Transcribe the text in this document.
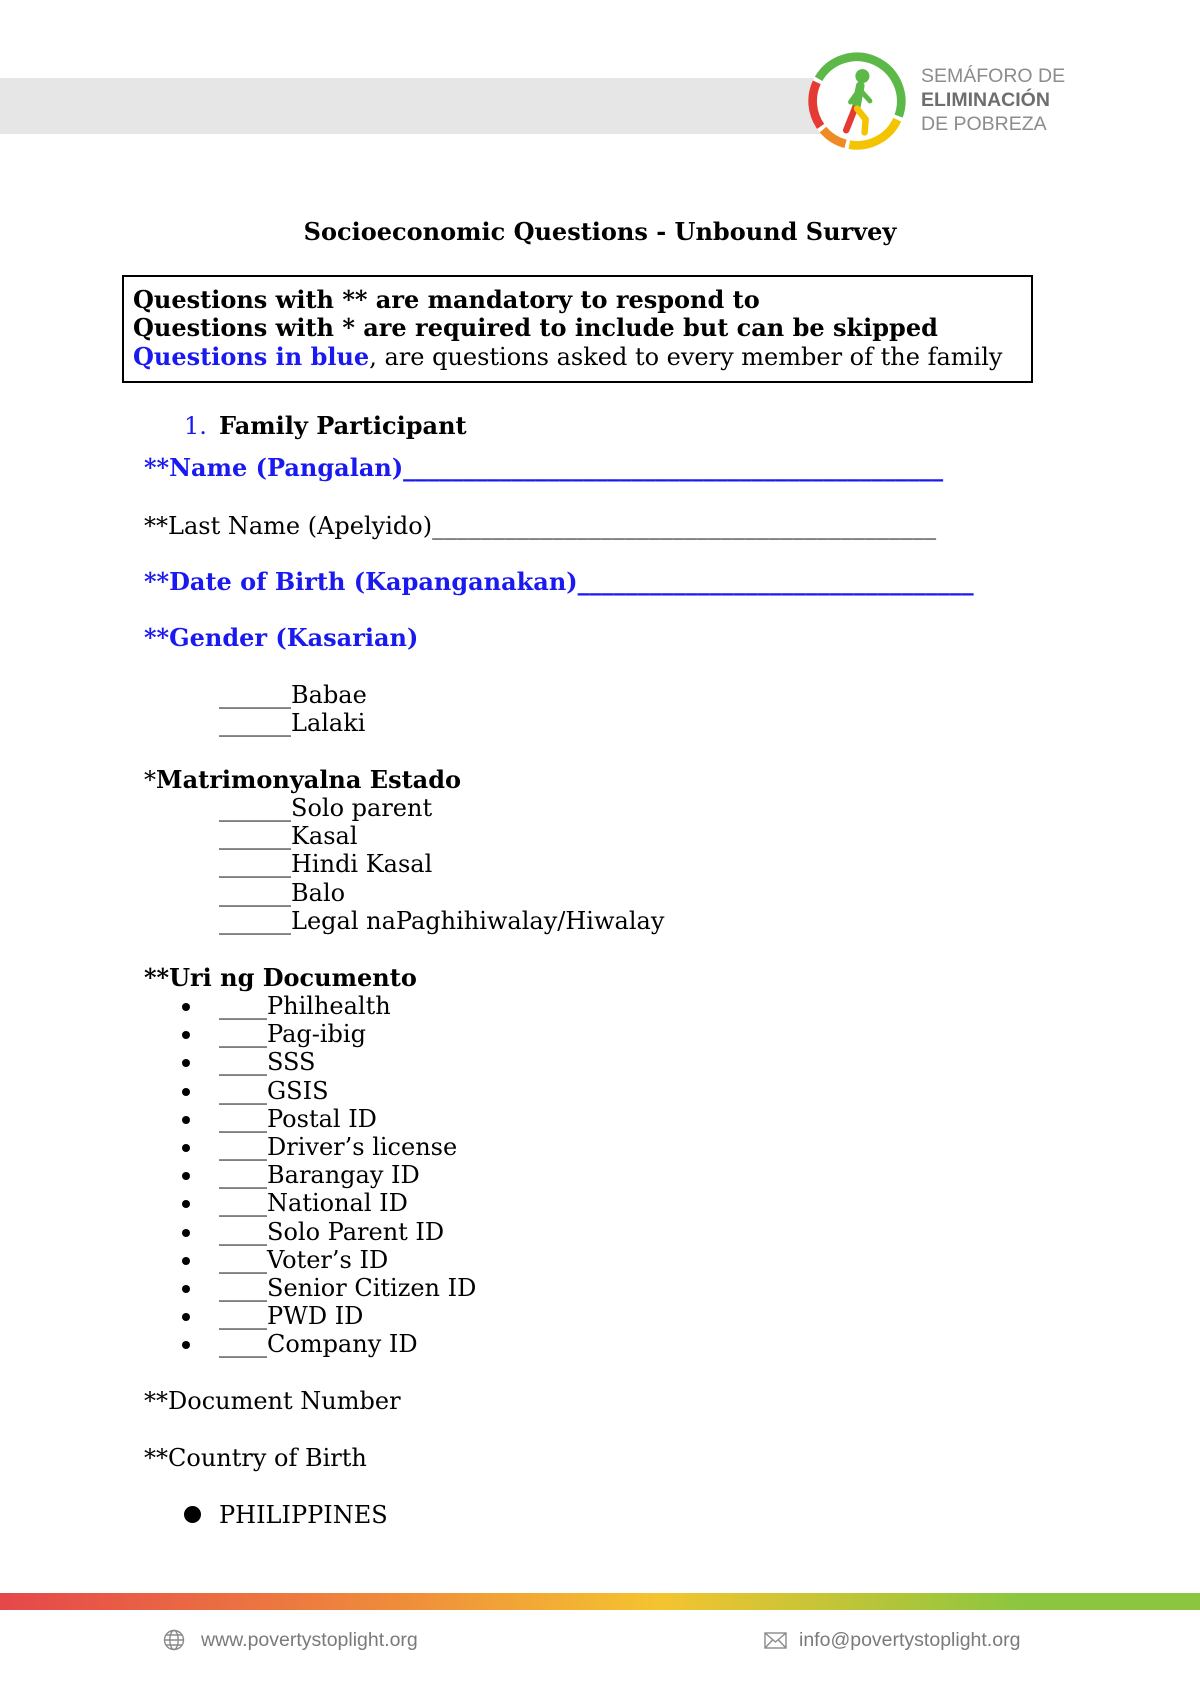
SEMÁFORO DE
ELIMINACIÓN
DE POBREZA
Socioeconomic Questions - Unbound Survey
Questions with ** are mandatory to respond to
Questions with * are required to include but can be skipped
Questions in blue, are questions asked to every member of the family
1. Family Participant
**Name (Pangalan)_____________________________________________
**Last Name (Apelyido)__________________________________________
**Date of Birth (Kapanganakan)_________________________________
**Gender (Kasarian)
______Babae
______Lalaki
*Matrimonyalna Estado
______Solo parent
______Kasal
______Hindi Kasal
______Balo
______Legal naPaghihiwalay/Hiwalay
**Uri ng Documento
____Philhealth
____Pag-ibig
____SSS
____GSIS
____Postal ID
____Driver’s license
____Barangay ID
____National ID
____Solo Parent ID
____Voter’s ID
____Senior Citizen ID
____PWD ID
____Company ID
**Document Number
**Country of Birth
PHILIPPINES
www.povertystoplight.org	info@povertystoplight.org
